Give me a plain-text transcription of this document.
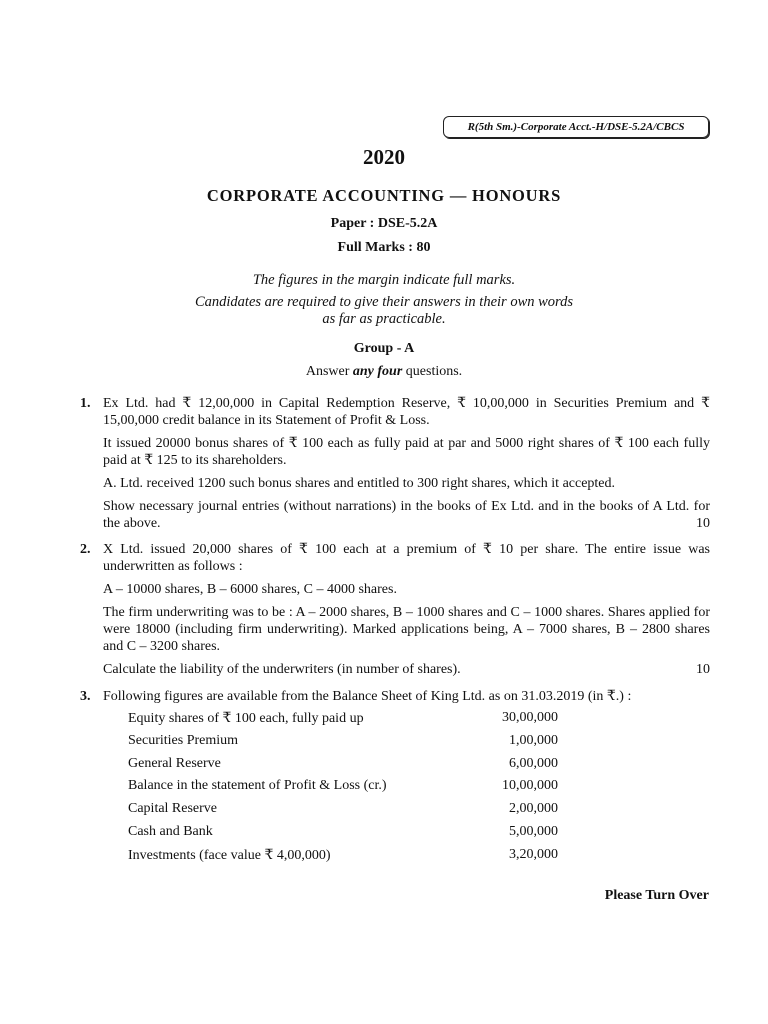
R(5th Sm.)-Corporate Acct.-H/DSE-5.2A/CBCS
2020
CORPORATE ACCOUNTING — HONOURS
Paper : DSE-5.2A
Full Marks : 80
The figures in the margin indicate full marks.
Candidates are required to give their answers in their own words
as far as practicable.
Group - A
Answer any four questions.
1. Ex Ltd. had ₹ 12,00,000 in Capital Redemption Reserve, ₹ 10,00,000 in Securities Premium and ₹ 15,00,000 credit balance in its Statement of Profit & Loss.

It issued 20000 bonus shares of ₹ 100 each as fully paid at par and 5000 right shares of ₹ 100 each fully paid at ₹ 125 to its shareholders.

A. Ltd. received 1200 such bonus shares and entitled to 300 right shares, which it accepted.

Show necessary journal entries (without narrations) in the books of Ex Ltd. and in the books of A Ltd. for the above.	10

2. X Ltd. issued 20,000 shares of ₹ 100 each at a premium of ₹ 10 per share. The entire issue was underwritten as follows :

A – 10000 shares, B – 6000 shares, C – 4000 shares.

The firm underwriting was to be : A – 2000 shares, B – 1000 shares and C – 1000 shares. Shares applied for were 18000 (including firm underwriting). Marked applications being, A – 7000 shares, B – 2800 shares and C – 3200 shares.

Calculate the liability of the underwriters (in number of shares).	10

3. Following figures are available from the Balance Sheet of King Ltd. as on 31.03.2019 (in ₹.) :

Equity shares of ₹ 100 each, fully paid up	30,00,000
Securities Premium	1,00,000
General Reserve	6,00,000
Balance in the statement of Profit & Loss (cr.)	10,00,000
Capital Reserve	2,00,000
Cash and Bank	5,00,000
Investments (face value ₹ 4,00,000)	3,20,000
Please Turn Over
